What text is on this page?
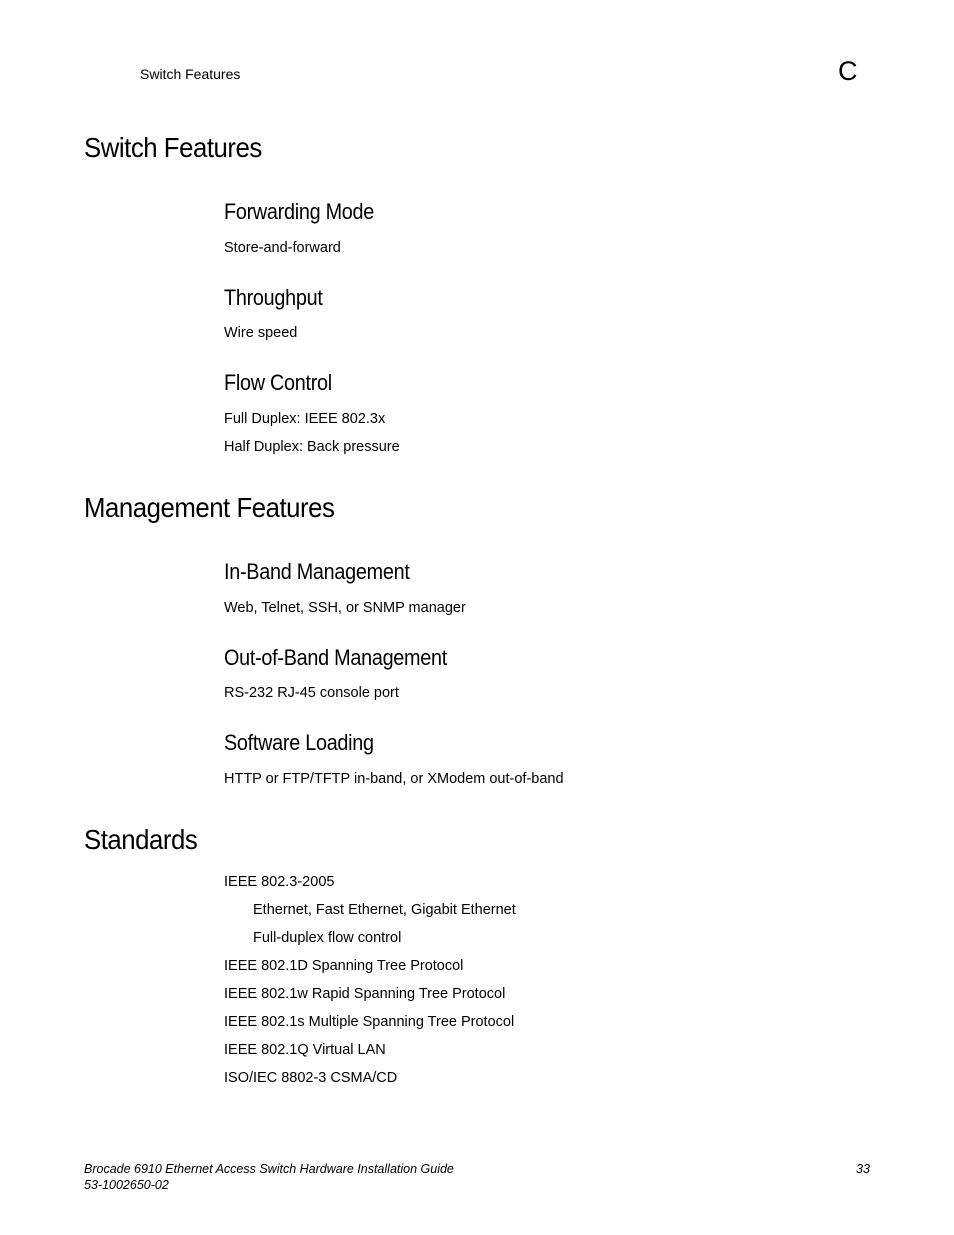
Switch Features	C
Switch Features
Forwarding Mode
Store-and-forward
Throughput
Wire speed
Flow Control
Full Duplex: IEEE 802.3x
Half Duplex: Back pressure
Management Features
In-Band Management
Web, Telnet, SSH, or SNMP manager
Out-of-Band Management
RS-232 RJ-45 console port
Software Loading
HTTP or FTP/TFTP in-band, or XModem out-of-band
Standards
IEEE 802.3-2005
Ethernet, Fast Ethernet, Gigabit Ethernet
Full-duplex flow control
IEEE 802.1D Spanning Tree Protocol
IEEE 802.1w Rapid Spanning Tree Protocol
IEEE 802.1s Multiple Spanning Tree Protocol
IEEE 802.1Q Virtual LAN
ISO/IEC 8802-3 CSMA/CD
Brocade 6910 Ethernet Access Switch Hardware Installation Guide
53-1002650-02
33
